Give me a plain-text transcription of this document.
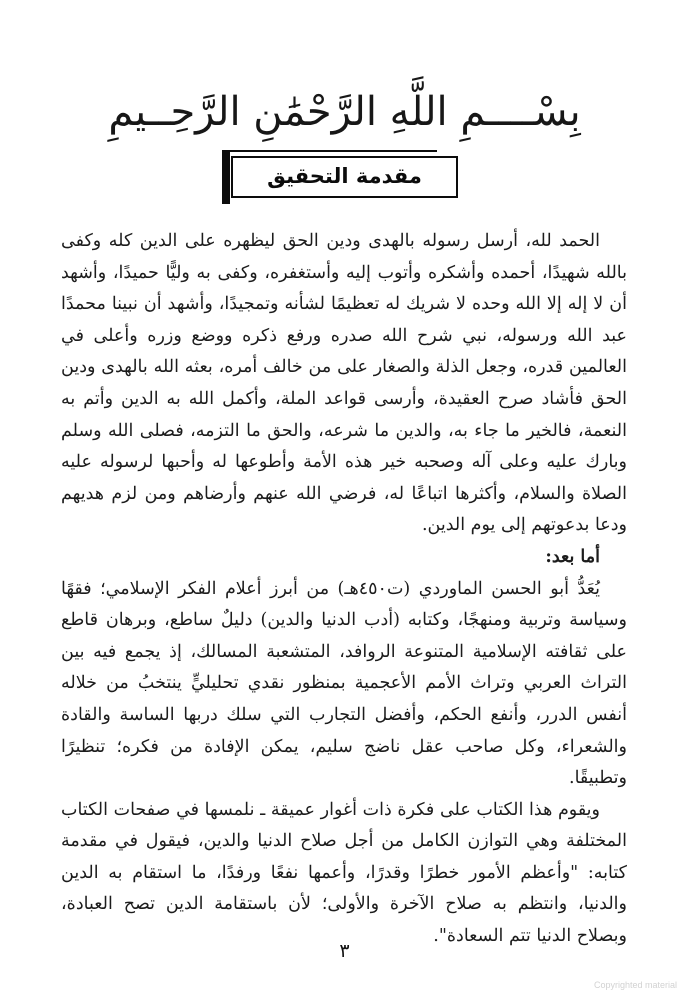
بِسْــــمِ اللَّهِ الرَّحْمَٰنِ الرَّحِــيمِ
مقدمة التحقيق

الحمد لله، أرسل رسوله بالهدى ودين الحق ليظهره على الدين كله وكفى بالله شهيدًا، أحمده وأشكره وأتوب إليه وأستغفره، وكفى به وليًّا حميدًا، وأشهد أن لا إله إلا الله وحده لا شريك له تعظيمًا لشأنه وتمجيدًا، وأشهد أن نبينا محمدًا عبد الله ورسوله، نبي شرح الله صدره ورفع ذكره ووضع وزره وأعلى في العالمين قدره، وجعل الذلة والصغار على من خالف أمره، بعثه الله بالهدى ودين الحق فأشاد صرح العقيدة، وأرسى قواعد الملة، وأكمل الله به الدين وأتم به النعمة، فالخير ما جاء به، والدين ما شرعه، والحق ما التزمه، فصلى الله وسلم وبارك عليه وعلى آله وصحبه خير هذه الأمة وأطوعها له وأحبها لرسوله عليه الصلاة والسلام، وأكثرها اتباعًا له، فرضي الله عنهم وأرضاهم ومن لزم هديهم ودعا بدعوتهم إلى يوم الدين.

أما بعد:

يُعَدُّ أبو الحسن الماوردي (ت٤٥٠هـ) من أبرز أعلام الفكر الإسلامي؛ فقهًا وسياسة وتربية ومنهجًا، وكتابه (أدب الدنيا والدين) دليلٌ ساطع، وبرهان قاطع على ثقافته الإسلامية المتنوعة الروافد، المتشعبة المسالك، إذ يجمع فيه بين التراث العربي وتراث الأمم الأعجمية بمنظور نقدي تحليليٍّ ينتخبُ من خلاله أنفس الدرر، وأنفع الحكم، وأفضل التجارب التي سلك دربها الساسة والقادة والشعراء، وكل صاحب عقل ناضج سليم، يمكن الإفادة من فكره؛ تنظيرًا وتطبيقًا.

ويقوم هذا الكتاب على فكرة ذات أغوار عميقة ـ نلمسها في صفحات الكتاب المختلفة وهي التوازن الكامل من أجل صلاح الدنيا والدين، فيقول في مقدمة كتابه: "وأعظم الأمور خطرًا وقدرًا، وأعمها نفعًا ورفدًا، ما استقام به الدين والدنيا، وانتظم به صلاح الآخرة والأولى؛ لأن باستقامة الدين تصح العبادة، وبصلاح الدنيا تتم السعادة".

٣
Copyrighted material
